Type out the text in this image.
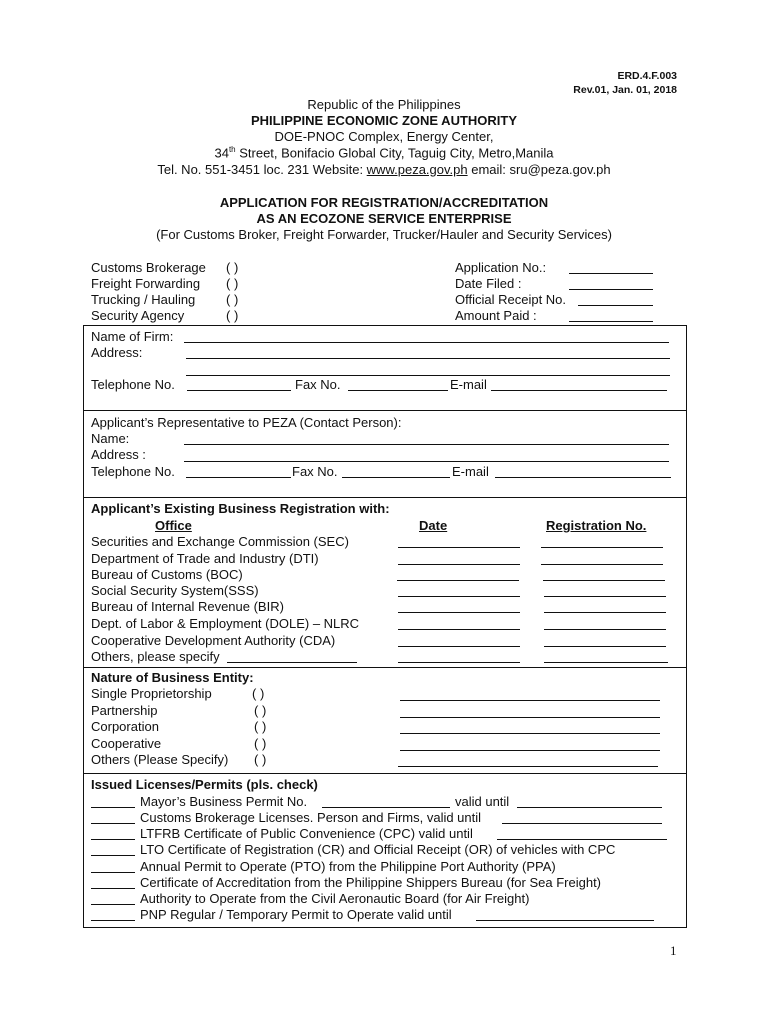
ERD.4.F.003
Rev.01, Jan. 01, 2018
Republic of the Philippines
PHILIPPINE ECONOMIC ZONE AUTHORITY
DOE-PNOC Complex, Energy Center,
34th Street, Bonifacio Global City, Taguig City, Metro,Manila
Tel. No. 551-3451 loc. 231 Website: www.peza.gov.ph email: sru@peza.gov.ph
APPLICATION FOR REGISTRATION/ACCREDITATION
AS AN ECOZONE SERVICE ENTERPRISE
(For Customs Broker, Freight Forwarder, Trucker/Hauler and Security Services)
Customs Brokerage ( )
Freight Forwarding ( )
Trucking / Hauling ( )
Security Agency	( )
Application No.:
Date Filed :
Official Receipt No.
Amount Paid :
Name of Firm:
Address:
Telephone No.	Fax No.	E-mail
Applicant’s Representative to PEZA (Contact Person):
Name:
Address :
Telephone No.	Fax No.	E-mail
Applicant’s Existing Business Registration with:
Office	Date	Registration No.
Securities and Exchange Commission (SEC)
Department of Trade and Industry (DTI)
Bureau of Customs (BOC)
Social Security System(SSS)
Bureau of Internal Revenue (BIR)
Dept. of Labor & Employment (DOLE) – NLRC
Cooperative Development Authority (CDA)
Others, please specify
Nature of Business Entity:
Single Proprietorship	( )
Partnership	( )
Corporation	( )
Cooperative	( )
Others (Please Specify) ( )
Issued Licenses/Permits (pls. check)
Mayor’s Business Permit No.	valid until
Customs Brokerage Licenses. Person and Firms, valid until
LTFRB Certificate of Public Convenience (CPC) valid until
LTO Certificate of Registration (CR) and Official Receipt (OR) of vehicles with CPC
Annual Permit to Operate (PTO) from the Philippine Port Authority (PPA)
Certificate of Accreditation from the Philippine Shippers Bureau (for Sea Freight)
Authority to Operate from the Civil Aeronautic Board (for Air Freight)
PNP Regular / Temporary Permit to Operate valid until
1
